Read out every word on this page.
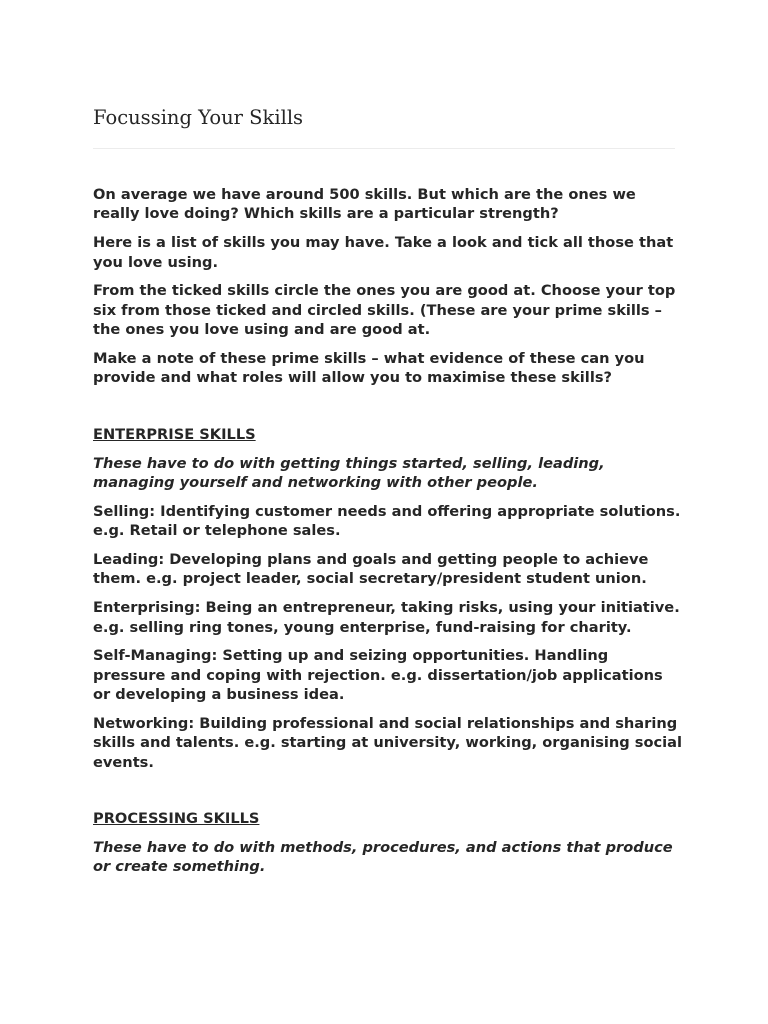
Focussing Your Skills

On average we have around 500 skills. But which are the ones we really love doing? Which skills are a particular strength?

Here is a list of skills you may have. Take a look and tick all those that you love using.

From the ticked skills circle the ones you are good at. Choose your top six from those ticked and circled skills. (These are your prime skills – the ones you love using and are good at.

Make a note of these prime skills – what evidence of these can you provide and what roles will allow you to maximise these skills?

ENTERPRISE SKILLS

These have to do with getting things started, selling, leading, managing yourself and networking with other people.

Selling: Identifying customer needs and offering appropriate solutions. e.g. Retail or telephone sales.

Leading: Developing plans and goals and getting people to achieve them. e.g. project leader, social secretary/president student union.

Enterprising: Being an entrepreneur, taking risks, using your initiative. e.g. selling ring tones, young enterprise, fund-raising for charity.

Self-Managing: Setting up and seizing opportunities. Handling pressure and coping with rejection. e.g. dissertation/job applications or developing a business idea.

Networking: Building professional and social relationships and sharing skills and talents. e.g. starting at university, working, organising social events.

PROCESSING SKILLS

These have to do with methods, procedures, and actions that produce or create something.
